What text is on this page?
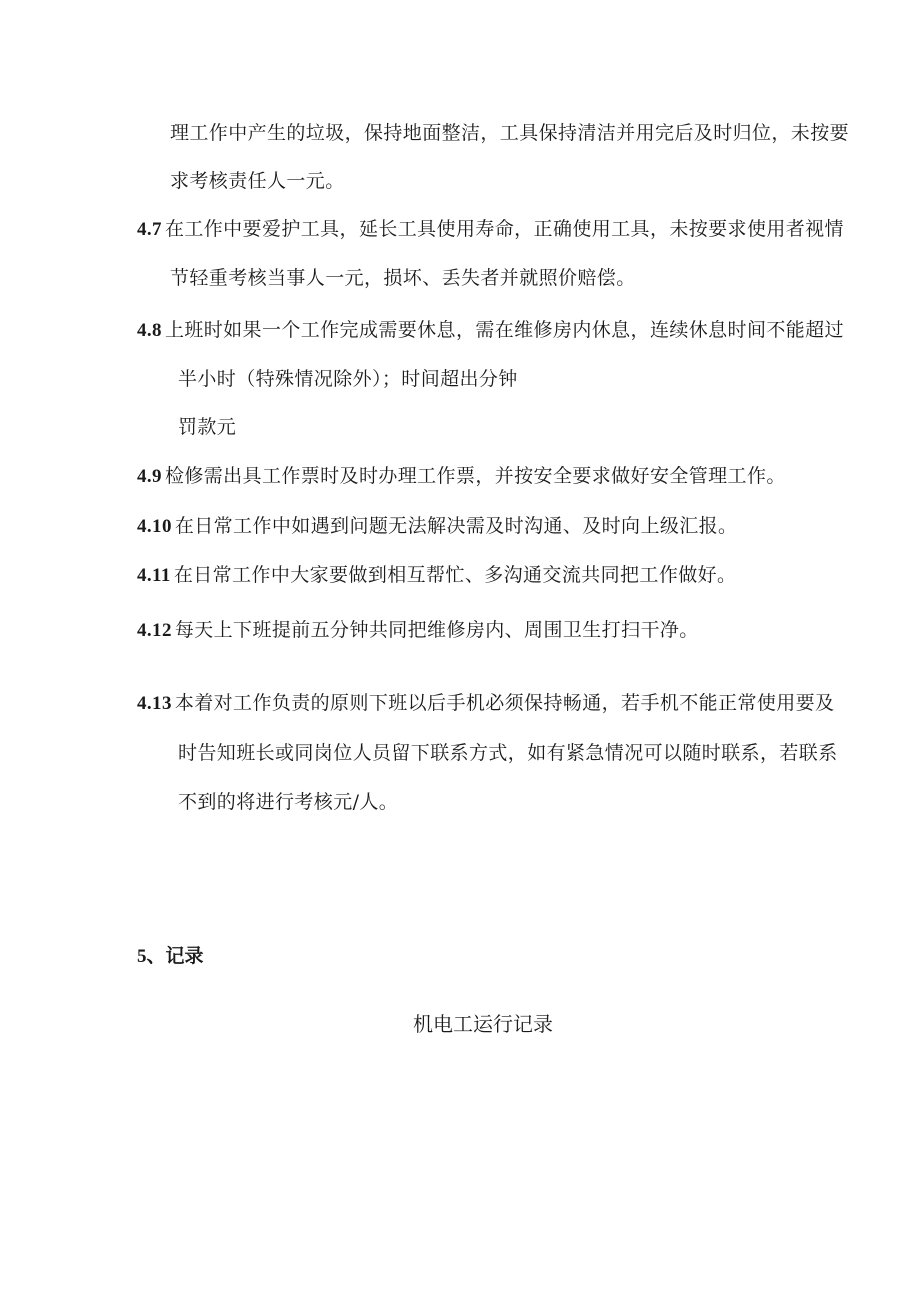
理工作中产生的垃圾，保持地面整洁，工具保持清洁并用完后及时归位，未按要
求考核责任人一元。
4.7 在工作中要爱护工具，延长工具使用寿命，正确使用工具，未按要求使用者视情
节轻重考核当事人一元，损坏、丢失者并就照价赔偿。
4.8 上班时如果一个工作完成需要休息，需在维修房内休息，连续休息时间不能超过
半小时（特殊情况除外）；时间超出分钟
罚款元
4.9 检修需出具工作票时及时办理工作票，并按安全要求做好安全管理工作。
4.10 在日常工作中如遇到问题无法解决需及时沟通、及时向上级汇报。
4.11 在日常工作中大家要做到相互帮忙、多沟通交流共同把工作做好。
4.12 每天上下班提前五分钟共同把维修房内、周围卫生打扫干净。
4.13 本着对工作负责的原则下班以后手机必须保持畅通，若手机不能正常使用要及
时告知班长或同岗位人员留下联系方式，如有紧急情况可以随时联系，若联系
不到的将进行考核元/人。
5、记录
机电工运行记录
